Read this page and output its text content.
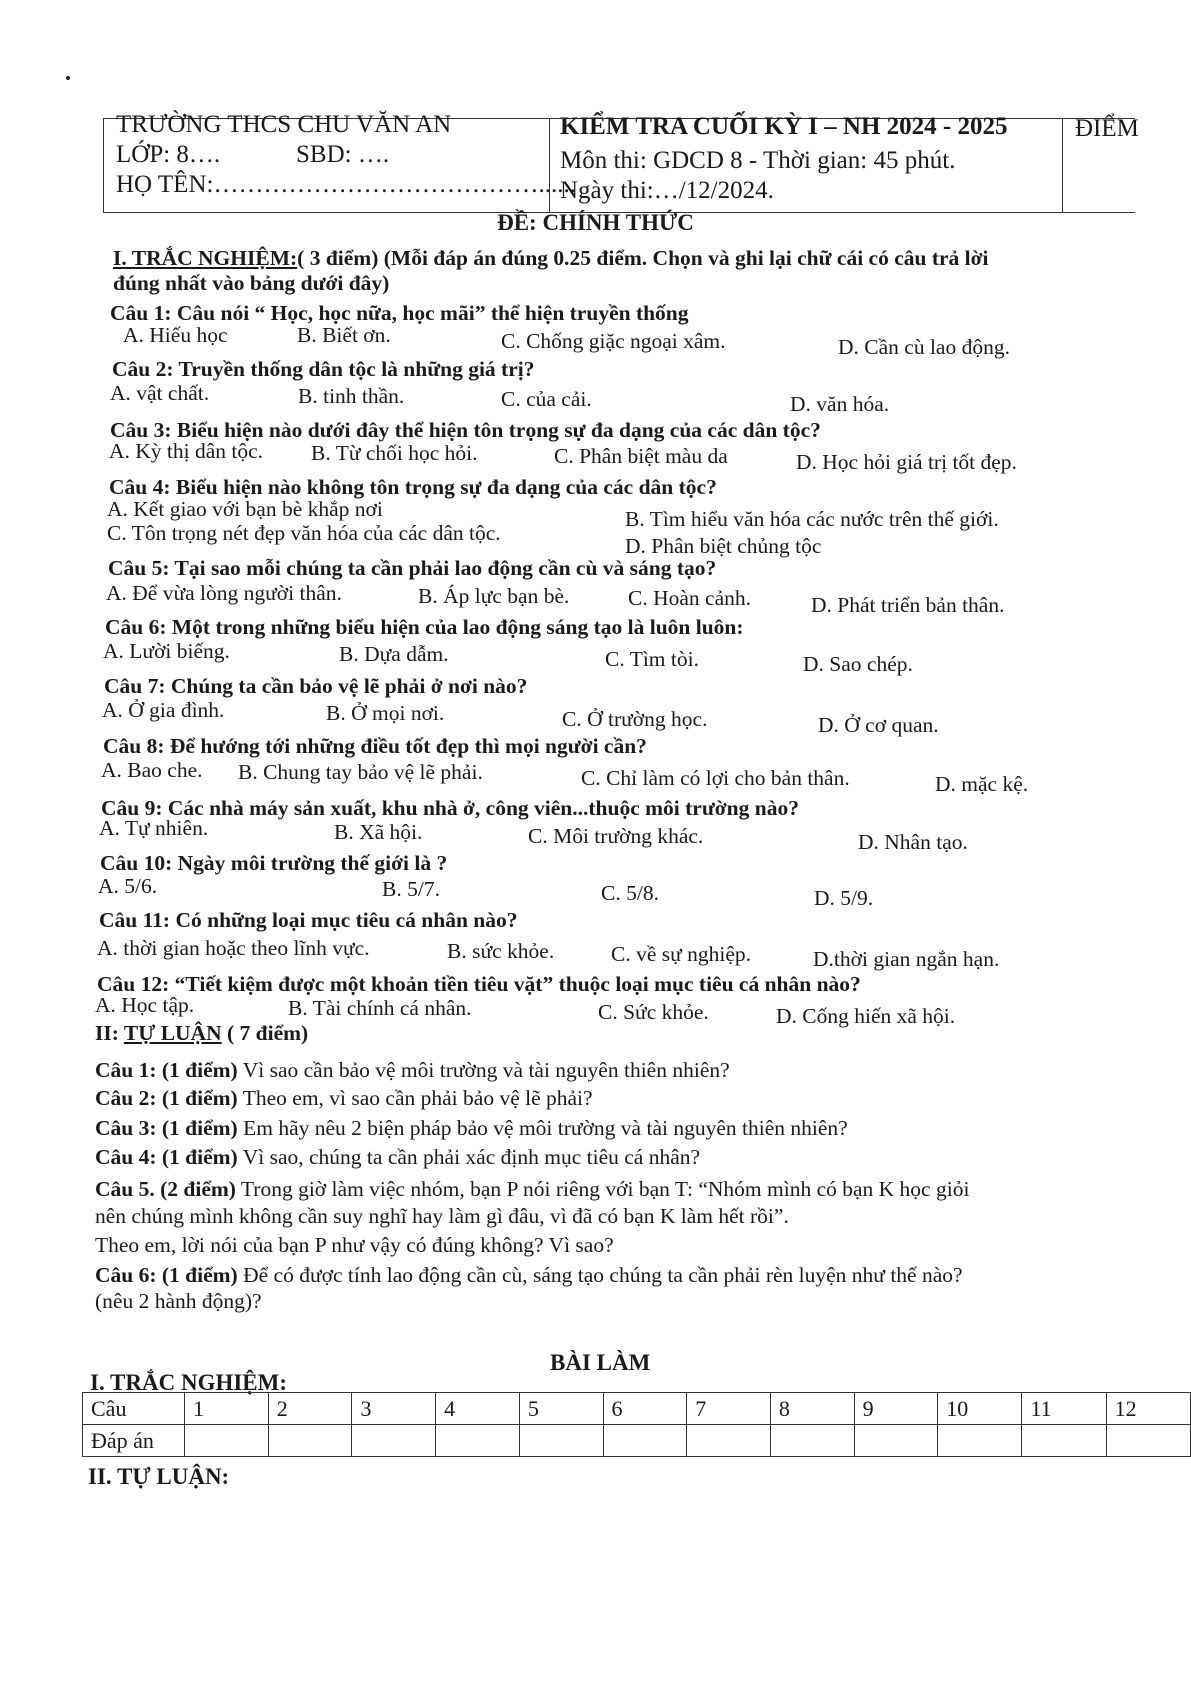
TRƯỜNG THCS CHU VĂN AN
LỚP: 8….	SBD: ….
HỌ TÊN:…………………………………......
KIỂM TRA CUỐI KỲ I – NH 2024 - 2025
Môn thi: GDCD 8 - Thời gian: 45 phút.
Ngày thi:…/12/2024.
ĐIỂM
ĐỀ: CHÍNH THỨC
I. TRẮC NGHIỆM:( 3 điểm) (Mỗi đáp án đúng 0.25 điểm. Chọn và ghi lại chữ cái có câu trả lời
đúng nhất vào bảng dưới đây)
Câu 1: Câu nói “ Học, học nữa, học mãi” thể hiện truyền thống
A. Hiếu học	B. Biết ơn.	C. Chống giặc ngoại xâm.	D. Cần cù lao động.
Câu 2: Truyền thống dân tộc là những giá trị?
A. vật chất.	B. tinh thần.	C. của cải.	D. văn hóa.
Câu 3: Biểu hiện nào dưới đây thể hiện tôn trọng sự đa dạng của các dân tộc?
A. Kỳ thị dân tộc. B. Từ chối học hỏi.	C. Phân biệt màu da	D. Học hỏi giá trị tốt đẹp.
Câu 4: Biểu hiện nào không tôn trọng sự đa dạng của các dân tộc?
A. Kết giao với bạn bè khắp nơi	B. Tìm hiểu văn hóa các nước trên thế giới.
C. Tôn trọng nét đẹp văn hóa của các dân tộc.
D. Phân biệt chủng tộc
Câu 5: Tại sao mỗi chúng ta cần phải lao động cần cù và sáng tạo?
A. Để vừa lòng người thân.	B. Áp lực bạn bè.	C. Hoàn cảnh.	D. Phát triển bản thân.
Câu 6: Một trong những biểu hiện của lao động sáng tạo là luôn luôn:
A. Lười biếng.	B. Dựa dẫm.	C. Tìm tòi.	D. Sao chép.
Câu 7: Chúng ta cần bảo vệ lẽ phải ở nơi nào?
A. Ở gia đình.	B. Ở mọi nơi.	C. Ở trường học.	D. Ở cơ quan.
Câu 8: Để hướng tới những điều tốt đẹp thì mọi người cần?
A. Bao che. B. Chung tay bảo vệ lẽ phải.	C. Chỉ làm có lợi cho bản thân.	D. mặc kệ.
Câu 9: Các nhà máy sản xuất, khu nhà ở, công viên...thuộc môi trường nào?
A. Tự nhiên.	B. Xã hội.	C. Môi trường khác.	D. Nhân tạo.
Câu 10: Ngày môi trường thế giới là ?
A. 5/6.	B. 5/7.	C. 5/8.	D. 5/9.
Câu 11: Có những loại mục tiêu cá nhân nào?
A. thời gian hoặc theo lĩnh vực.	B. sức khỏe.	C. về sự nghiệp.	D.thời gian ngắn hạn.
Câu 12: “Tiết kiệm được một khoản tiền tiêu vặt” thuộc loại mục tiêu cá nhân nào?
A. Học tập.	B. Tài chính cá nhân.	C. Sức khỏe.	D. Cống hiến xã hội.
II: TỰ LUẬN ( 7 điểm)
Câu 1: (1 điểm) Vì sao cần bảo vệ môi trường và tài nguyên thiên nhiên?
Câu 2: (1 điểm) Theo em, vì sao cần phải bảo vệ lẽ phải?
Câu 3: (1 điểm) Em hãy nêu 2 biện pháp bảo vệ môi trường và tài nguyên thiên nhiên?
Câu 4: (1 điểm) Vì sao, chúng ta cần phải xác định mục tiêu cá nhân?
Câu 5. (2 điểm) Trong giờ làm việc nhóm, bạn P nói riêng với bạn T: “Nhóm mình có bạn K học giỏi
nên chúng mình không cần suy nghĩ hay làm gì đâu, vì đã có bạn K làm hết rồi”.
Theo em, lời nói của bạn P như vậy có đúng không? Vì sao?
Câu 6: (1 điểm) Để có được tính lao động cần cù, sáng tạo chúng ta cần phải rèn luyện như thế nào?
(nêu 2 hành động)?
BÀI LÀM
I. TRẮC NGHIỆM:
Câu	1	2	3	4	5	6	7	8	9	10	11	12
Đáp án												
II. TỰ LUẬN:
